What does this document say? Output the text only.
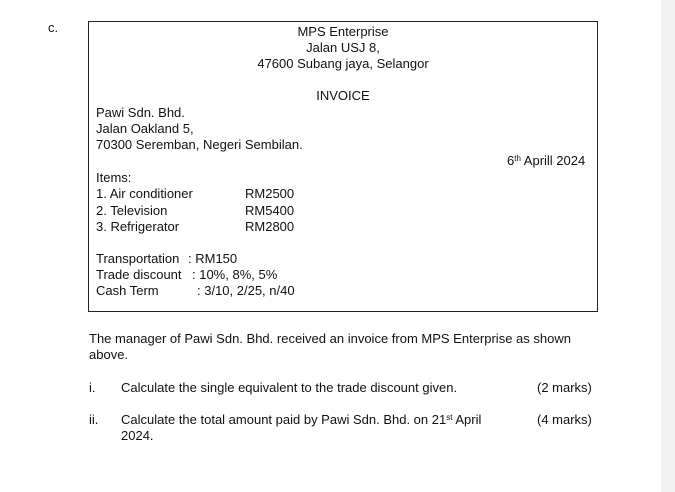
c.	MPS Enterprise
Jalan USJ 8,
47600 Subang jaya, Selangor
INVOICE
Pawi Sdn. Bhd.
Jalan Oakland 5,
70300 Seremban, Negeri Sembilan.
6th Aprill 2024
Items:
1. Air conditioner	RM2500
2. Television	RM5400
3. Refrigerator	RM2800
Transportation : RM150
Trade discount : 10%, 8%, 5%
Cash Term	: 3/10, 2/25, n/40
The manager of Pawi Sdn. Bhd. received an invoice from MPS Enterprise as shown
above.
i. Calculate the single equivalent to the trade discount given.	(2 marks)
ii. Calculate the total amount paid by Pawi Sdn. Bhd. on 21st April
2024.
(4 marks)
